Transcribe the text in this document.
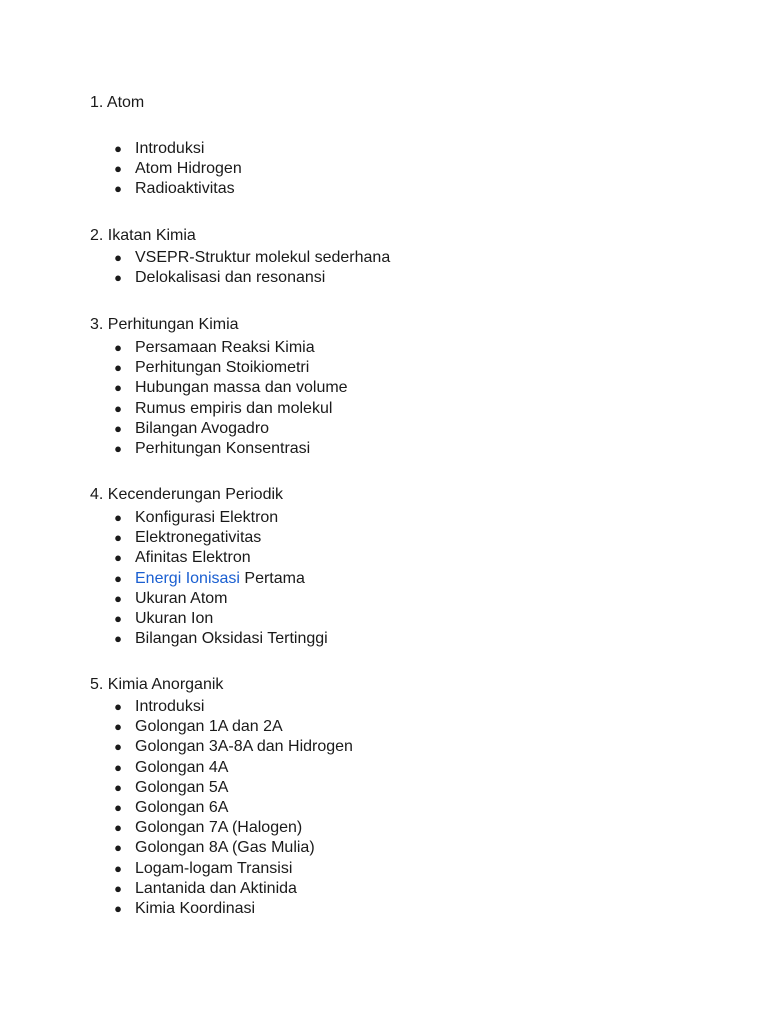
1. Atom
● Introduksi
● Atom Hidrogen
● Radioaktivitas
2. Ikatan Kimia
● VSEPR-Struktur molekul sederhana
● Delokalisasi dan resonansi
3. Perhitungan Kimia
● Persamaan Reaksi Kimia
● Perhitungan Stoikiometri
● Hubungan massa dan volume
● Rumus empiris dan molekul
● Bilangan Avogadro
● Perhitungan Konsentrasi
4. Kecenderungan Periodik
● Konfigurasi Elektron
● Elektronegativitas
● Afinitas Elektron
● Energi Ionisasi Pertama
● Ukuran Atom
● Ukuran Ion
● Bilangan Oksidasi Tertinggi
5. Kimia Anorganik
● Introduksi
● Golongan 1A dan 2A
● Golongan 3A-8A dan Hidrogen
● Golongan 4A
● Golongan 5A
● Golongan 6A
● Golongan 7A (Halogen)
● Golongan 8A (Gas Mulia)
● Logam-logam Transisi
● Lantanida dan Aktinida
● Kimia Koordinasi
